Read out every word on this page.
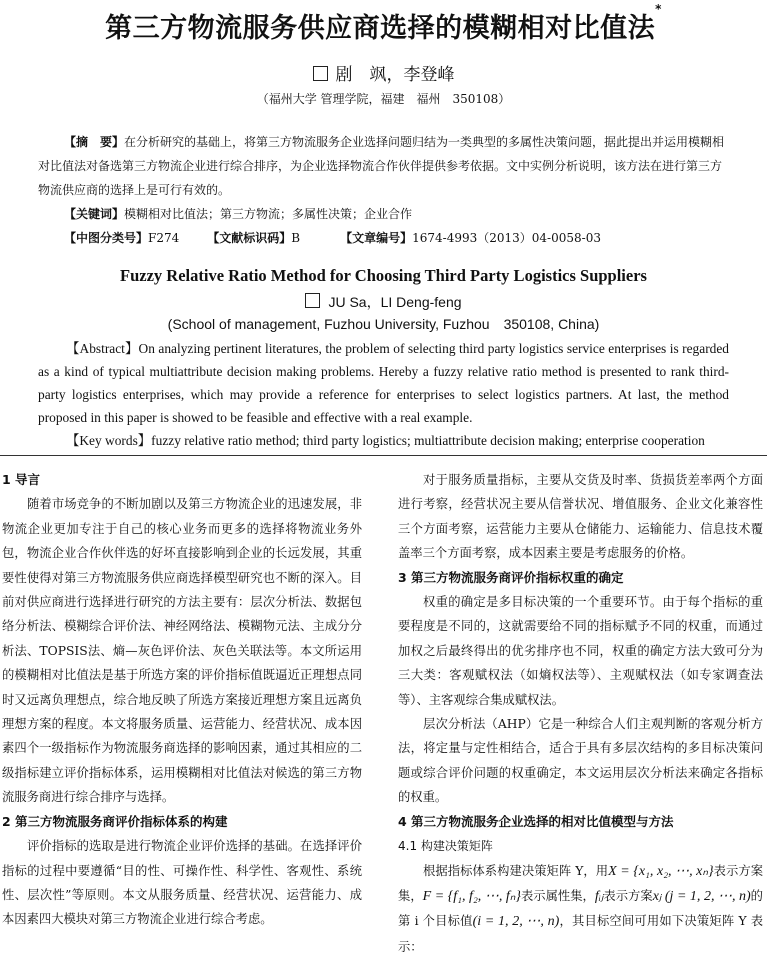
第三方物流服务供应商选择的模糊相对比值法*
剧　飒，李登峰
（福州大学 管理学院，福建　福州　350108）

【摘　要】在分析研究的基础上，将第三方物流服务企业选择问题归结为一类典型的多属性决策问题，据此提出并运用模糊相对比值法对备选第三方物流企业进行综合排序，为企业选择物流合作伙伴提供参考依据。文中实例分析说明，该方法在进行第三方物流供应商的选择上是可行有效的。

【关键词】模糊相对比值法；第三方物流；多属性决策；企业合作

【中图分类号】F274 【文献标识码】B	【文章编号】1674-4993（2013）04-0058-03

Fuzzy Relative Ratio Method for Choosing Third Party Logistics Suppliers
JU Sa，LI Deng-feng
(School of management, Fuzhou University, Fuzhou　350108, China)

【Abstract】On analyzing pertinent literatures, the problem of selecting third party logistics service enterprises is regarded as a kind of typical multiattribute decision making problems. Hereby a fuzzy relative ratio method is presented to rank third-party logistics enterprises, which may provide a reference for enterprises to select logistics partners. At last, the method proposed in this paper is showed to be feasible and effective with a real example.

【Key words】fuzzy relative ratio method; third party logistics; multiattribute decision making; enterprise cooperation

1 导言

随着市场竞争的不断加剧以及第三方物流企业的迅速发展，非物流企业更加专注于自己的核心业务而更多的选择将物流业务外包，物流企业合作伙伴选的好坏直接影响到企业的长远发展，其重要性使得对第三方物流服务供应商选择模型研究也不断的深入。目前对供应商进行选择进行研究的方法主要有：层次分析法、数据包络分析法、模糊综合评价法、神经网络法、模糊物元法、主成分分析法、TOPSIS法、熵—灰色评价法、灰色关联法等。本文所运用的模糊相对比值法是基于所选方案的评价指标值既逼近正理想点同时又远离负理想点，综合地反映了所选方案接近理想方案且远离负理想方案的程度。本文将服务质量、运营能力、经营状况、成本因素四个一级指标作为物流服务商选择的影响因素，通过其相应的二级指标建立评价指标体系，运用模糊相对比值法对候选的第三方物流服务商进行综合排序与选择。

2 第三方物流服务商评价指标体系的构建

评价指标的选取是进行物流企业评价选择的基础。在选择评价指标的过程中要遵循“目的性、可操作性、科学性、客观性、系统性、层次性”等原则。本文从服务质量、经营状况、运营能力、成本因素四大模块对第三方物流企业进行综合考虑。

对于服务质量指标，主要从交货及时率、货损货差率两个方面进行考察，经营状况主要从信誉状况、增值服务、企业文化兼容性三个方面考察，运营能力主要从仓储能力、运输能力、信息技术覆盖率三个方面考察，成本因素主要是考虑服务的价格。

3 第三方物流服务商评价指标权重的确定

权重的确定是多目标决策的一个重要环节。由于每个指标的重要程度是不同的，这就需要给不同的指标赋予不同的权重，而通过加权之后最终得出的优劣排序也不同，权重的确定方法大致可分为三大类：客观赋权法（如熵权法等）、主观赋权法（如专家调查法等）、主客观综合集成赋权法。

层次分析法（AHP）它是一种综合人们主观判断的客观分析方法，将定量与定性相结合，适合于具有多层次结构的多目标决策问题或综合评价问题的权重确定，本文运用层次分析法来确定各指标的权重。

4 第三方物流服务企业选择的相对比值模型与方法
4.1 构建决策矩阵

根据指标体系构建决策矩阵 Y，用X = {x₁, x₂, ⋯, xₙ}表示方案集，F = {f₁, f₂, ⋯, fₙ}表示属性集，fᵢⱼ表示方案xⱼ (j = 1, 2, ⋯, n)的第 i 个目标值(i = 1, 2, ⋯, n)，其目标空间可用如下决策矩阵 Y 表示：
